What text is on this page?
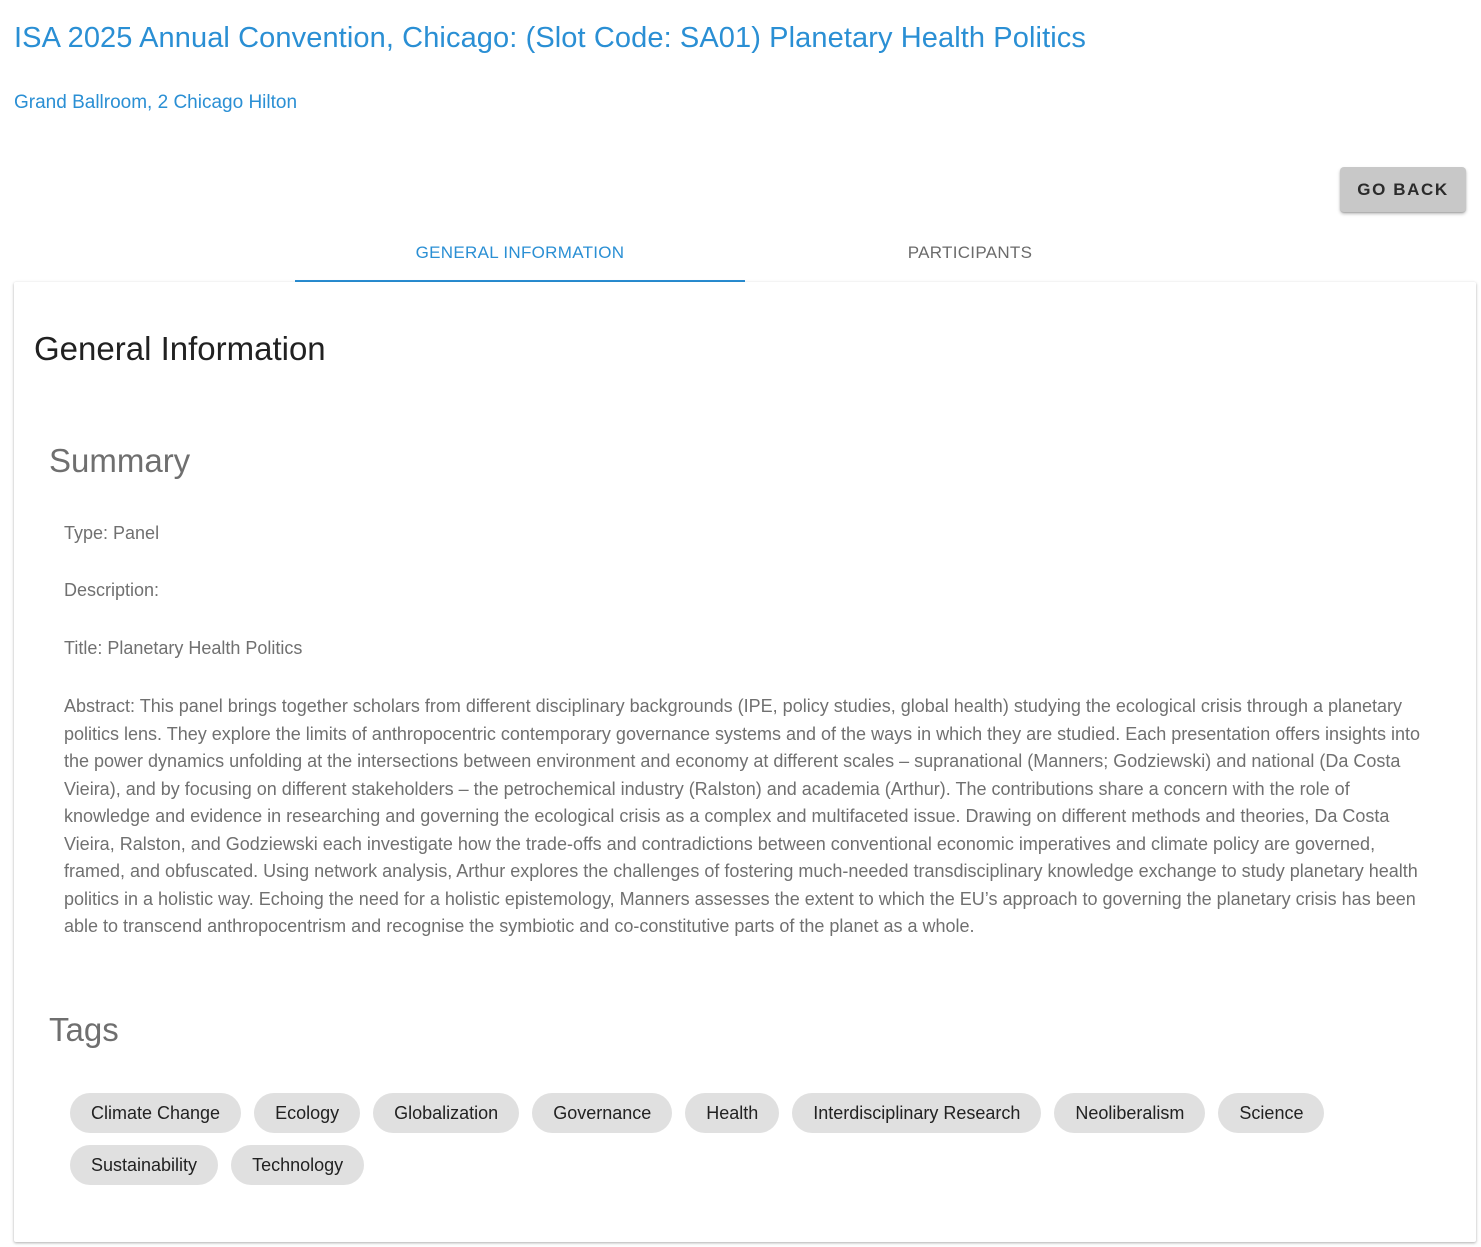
ISA 2025 Annual Convention, Chicago: (Slot Code: SA01) Planetary Health Politics
Grand Ballroom, 2 Chicago Hilton
GO BACK
GENERAL INFORMATION	PARTICIPANTS
General Information
Summary
Type: Panel
Description:
Title: Planetary Health Politics
Abstract: This panel brings together scholars from different disciplinary backgrounds (IPE, policy studies, global health) studying the ecological crisis through a planetary politics lens. They explore the limits of anthropocentric contemporary governance systems and of the ways in which they are studied. Each presentation offers insights into the power dynamics unfolding at the intersections between environment and economy at different scales – supranational (Manners; Godziewski) and national (Da Costa Vieira), and by focusing on different stakeholders – the petrochemical industry (Ralston) and academia (Arthur). The contributions share a concern with the role of knowledge and evidence in researching and governing the ecological crisis as a complex and multifaceted issue. Drawing on different methods and theories, Da Costa Vieira, Ralston, and Godziewski each investigate how the trade-offs and contradictions between conventional economic imperatives and climate policy are governed, framed, and obfuscated. Using network analysis, Arthur explores the challenges of fostering much-needed transdisciplinary knowledge exchange to study planetary health politics in a holistic way. Echoing the need for a holistic epistemology, Manners assesses the extent to which the EU’s approach to governing the planetary crisis has been able to transcend anthropocentrism and recognise the symbiotic and co-constitutive parts of the planet as a whole.
Tags
Climate Change	Ecology	Globalization	Governance	Health	Interdisciplinary Research	Neoliberalism	Science
Sustainability	Technology
